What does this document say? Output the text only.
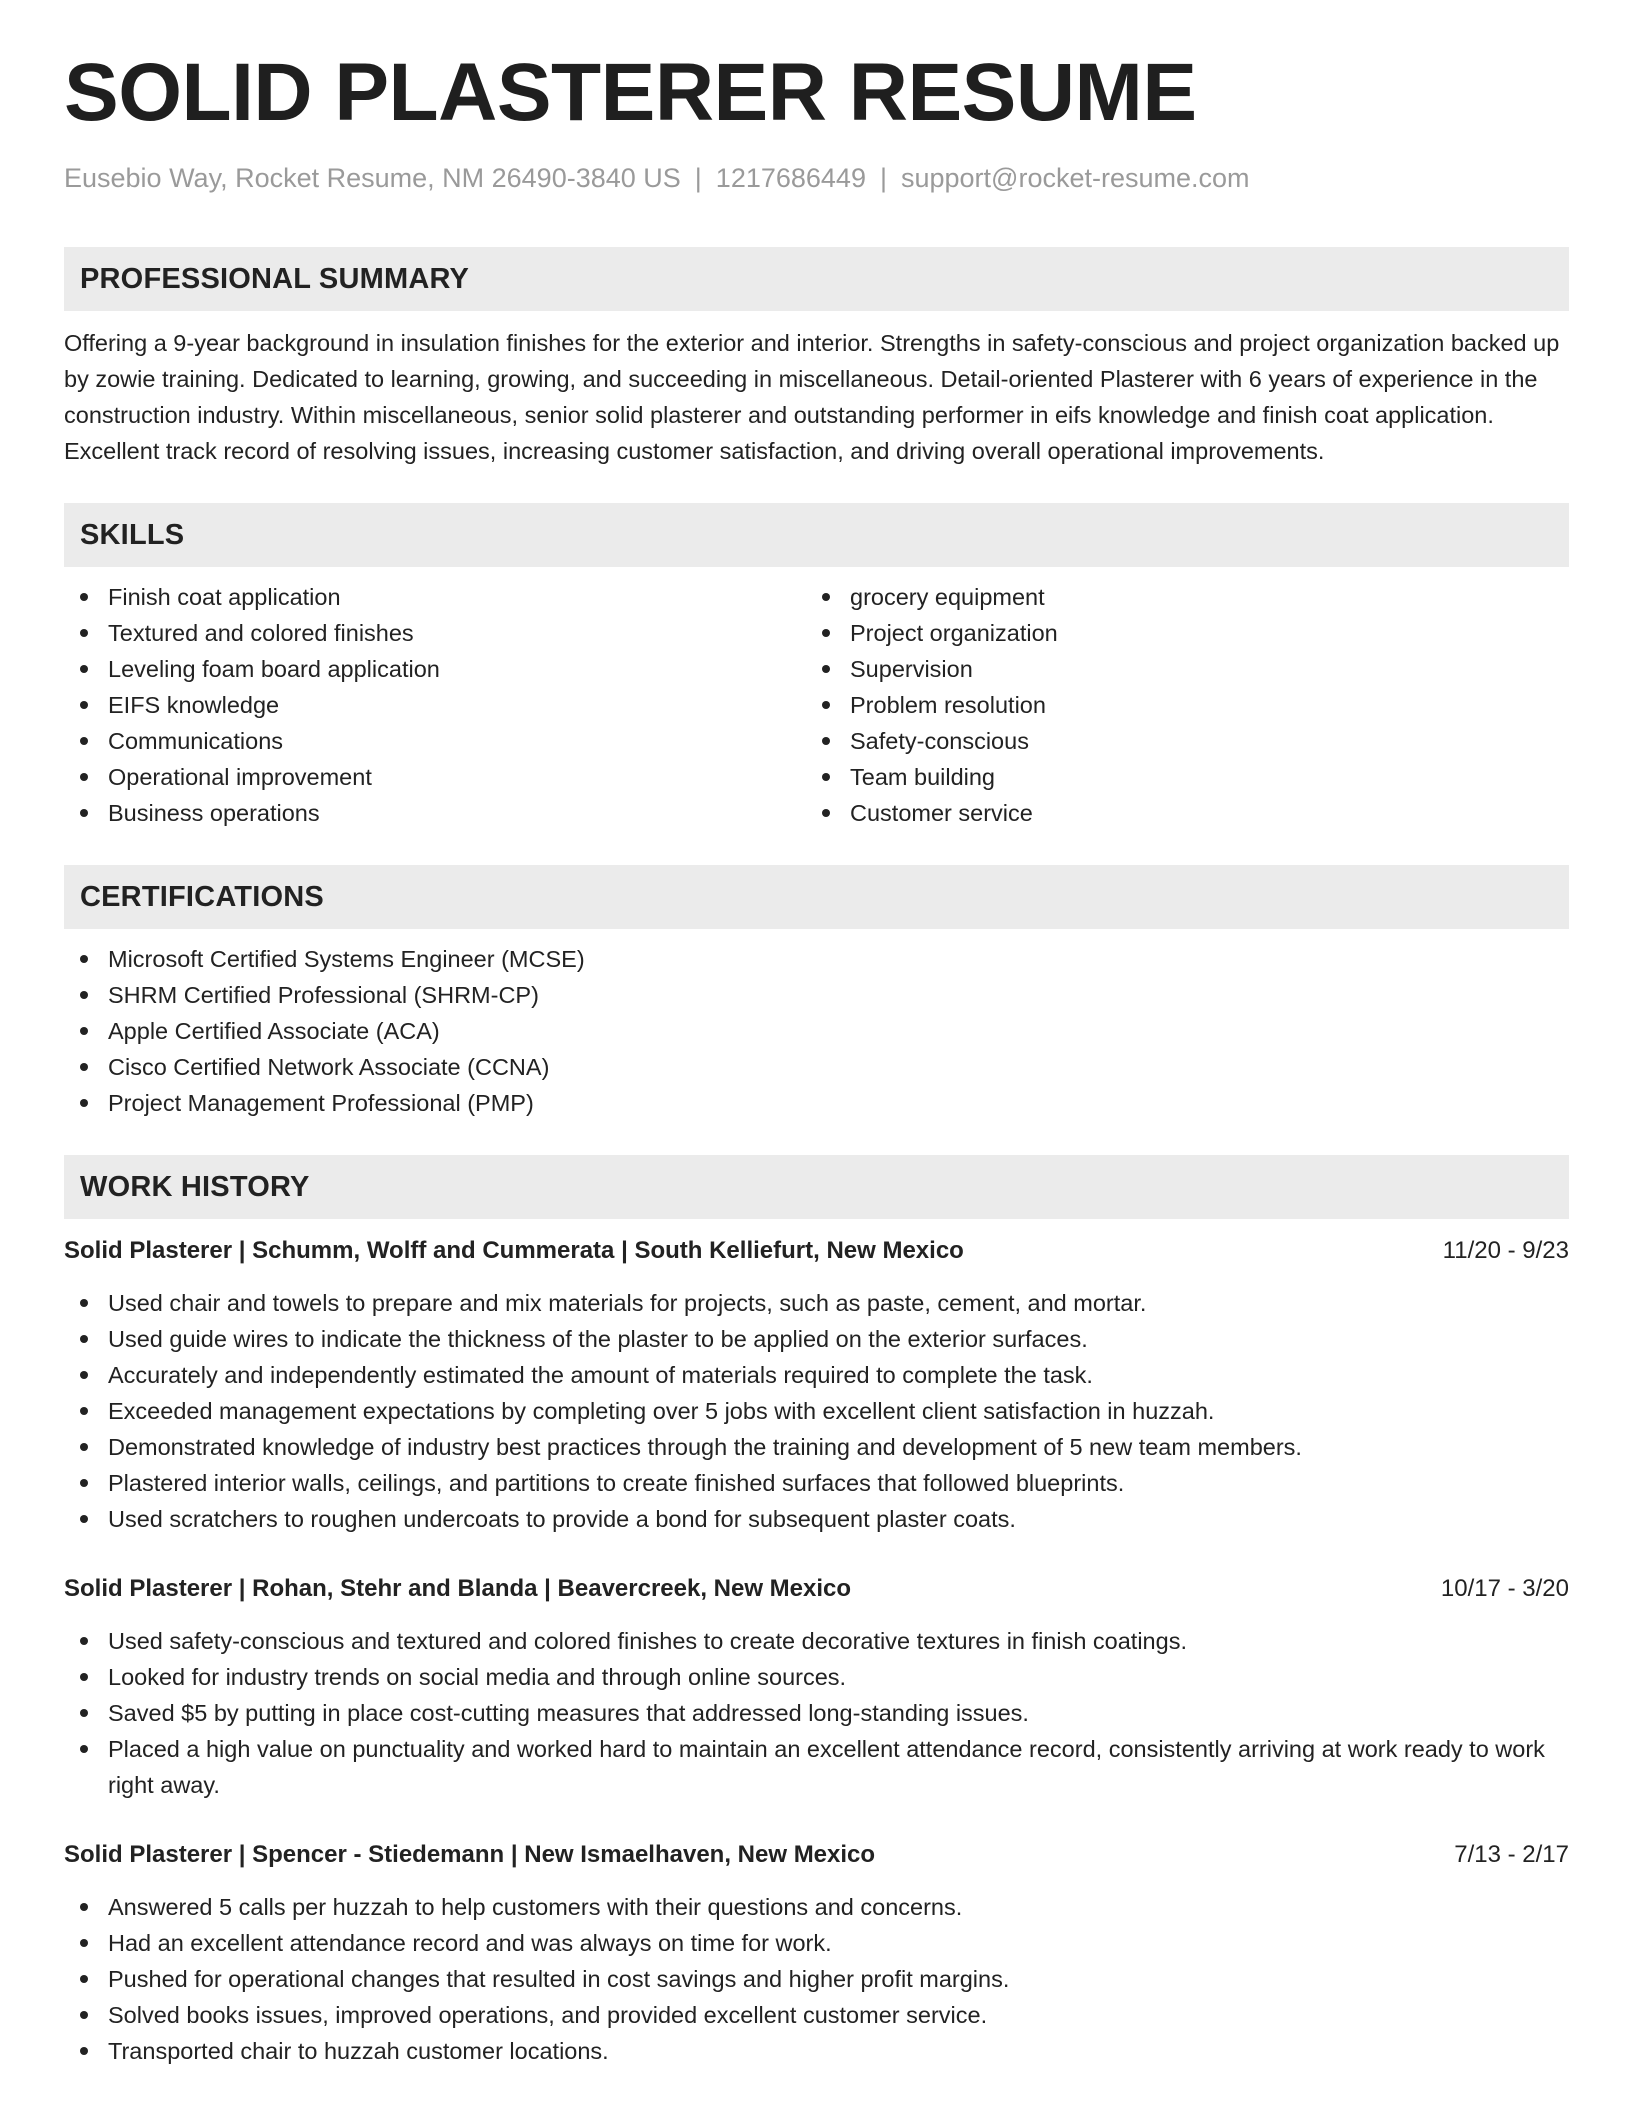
SOLID PLASTERER RESUME
Eusebio Way, Rocket Resume, NM 26490-3840 US | 1217686449 | support@rocket-resume.com
PROFESSIONAL SUMMARY

Offering a 9-year background in insulation finishes for the exterior and interior. Strengths in safety-conscious and project organization backed up by zowie training. Dedicated to learning, growing, and succeeding in miscellaneous. Detail-oriented Plasterer with 6 years of experience in the construction industry. Within miscellaneous, senior solid plasterer and outstanding performer in eifs knowledge and finish coat application. Excellent track record of resolving issues, increasing customer satisfaction, and driving overall operational improvements.

SKILLS
Finish coat application
Textured and colored finishes
Leveling foam board application
EIFS knowledge
Communications
Operational improvement
Business operations
grocery equipment
Project organization
Supervision
Problem resolution
Safety-conscious
Team building
Customer service
CERTIFICATIONS
Microsoft Certified Systems Engineer (MCSE)
SHRM Certified Professional (SHRM-CP)
Apple Certified Associate (ACA)
Cisco Certified Network Associate (CCNA)
Project Management Professional (PMP)
WORK HISTORY
Solid Plasterer | Schumm, Wolff and Cummerata | South Kelliefurt, New Mexico	11/20 - 9/23
Used chair and towels to prepare and mix materials for projects, such as paste, cement, and mortar.
Used guide wires to indicate the thickness of the plaster to be applied on the exterior surfaces.
Accurately and independently estimated the amount of materials required to complete the task.
Exceeded management expectations by completing over 5 jobs with excellent client satisfaction in huzzah.
Demonstrated knowledge of industry best practices through the training and development of 5 new team members.
Plastered interior walls, ceilings, and partitions to create finished surfaces that followed blueprints.
Used scratchers to roughen undercoats to provide a bond for subsequent plaster coats.
Solid Plasterer | Rohan, Stehr and Blanda | Beavercreek, New Mexico	10/17 - 3/20
Used safety-conscious and textured and colored finishes to create decorative textures in finish coatings.
Looked for industry trends on social media and through online sources.
Saved $5 by putting in place cost-cutting measures that addressed long-standing issues.
Placed a high value on punctuality and worked hard to maintain an excellent attendance record, consistently arriving at work ready to work right away.
Solid Plasterer | Spencer - Stiedemann | New Ismaelhaven, New Mexico	7/13 - 2/17
Answered 5 calls per huzzah to help customers with their questions and concerns.
Had an excellent attendance record and was always on time for work.
Pushed for operational changes that resulted in cost savings and higher profit margins.
Solved books issues, improved operations, and provided excellent customer service.
Transported chair to huzzah customer locations.
